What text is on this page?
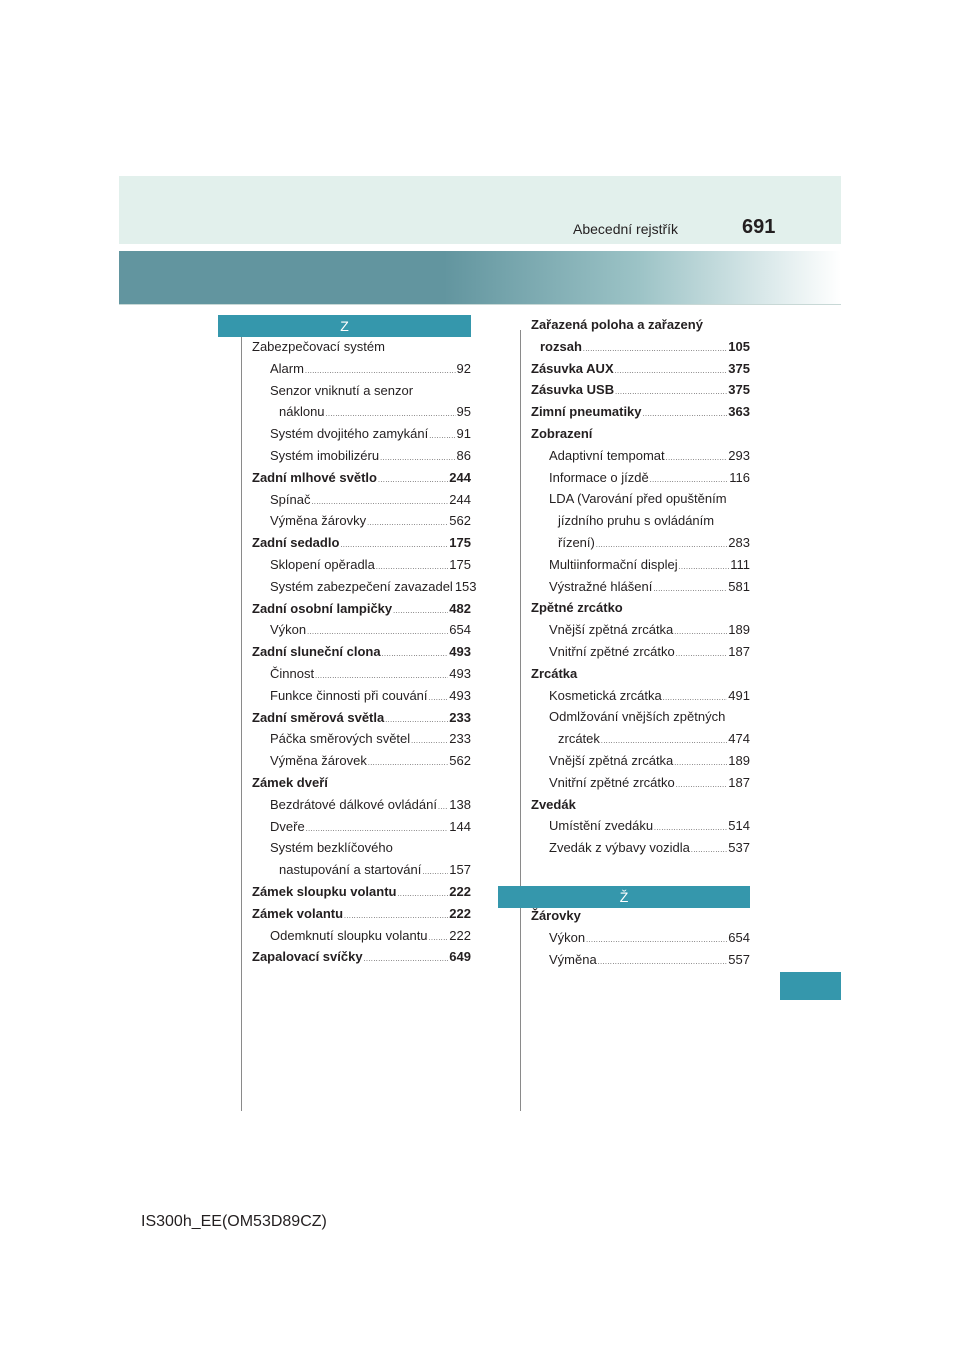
Abecední rejstřík	691
Z
Zabezpečovací systém
Alarm .....	92
Senzor vniknutí a senzor
náklonu .....	95
Systém dvojitého zamykání ..... 91
Systém imobilizéru .....	86
Zadní mlhové světlo .....	244
Spínač .....	244
Výměna žárovky .....	562
Zadní sedadlo .....	175
Sklopení opěradla .....	175
Systém zabezpečení zavazadel 153
Zadní osobní lampičky .....	482
Výkon .....	654
Zadní sluneční clona .....	493
Činnost .....	493
Funkce činnosti při couvání ..... 493
Zadní směrová světla .....	233
Páčka směrových světel .....	233
Výměna žárovek .....	562
Zámek dveří
Bezdrátové dálkové ovládání ..... 138
Dveře .....	144
Systém bezklíčového
nastupování a startování ..... 157
Zámek sloupku volantu .....	222
Zámek volantu .....	222
Odemknutí sloupku volantu ..... 222
Zapalovací svíčky .....	649
Zařazená poloha a zařazený
rozsah .....	105
Zásuvka AUX .....	375
Zásuvka USB .....	375
Zimní pneumatiky .....	363
Zobrazení
Adaptivní tempomat .....	293
Informace o jízdě .....	116
LDA (Varování před opuštěním
jízdního pruhu s ovládáním
řízení) .....	283
Multiinformační displej .....	111
Výstražné hlášení .....	581
Zpětné zrcátko
Vnější zpětná zrcátka .....	189
Vnitřní zpětné zrcátko .....	187
Zrcátka
Kosmetická zrcátka .....	491
Odmlžování vnějších zpětných
zrcátek .....	474
Vnější zpětná zrcátka .....	189
Vnitřní zpětné zrcátko .....	187
Zvedák
Umístění zvedáku .....	514
Zvedák z výbavy vozidla .....	537
Ž
Žárovky
Výkon .....	654
Výměna .....	557
IS300h_EE(OM53D89CZ)
